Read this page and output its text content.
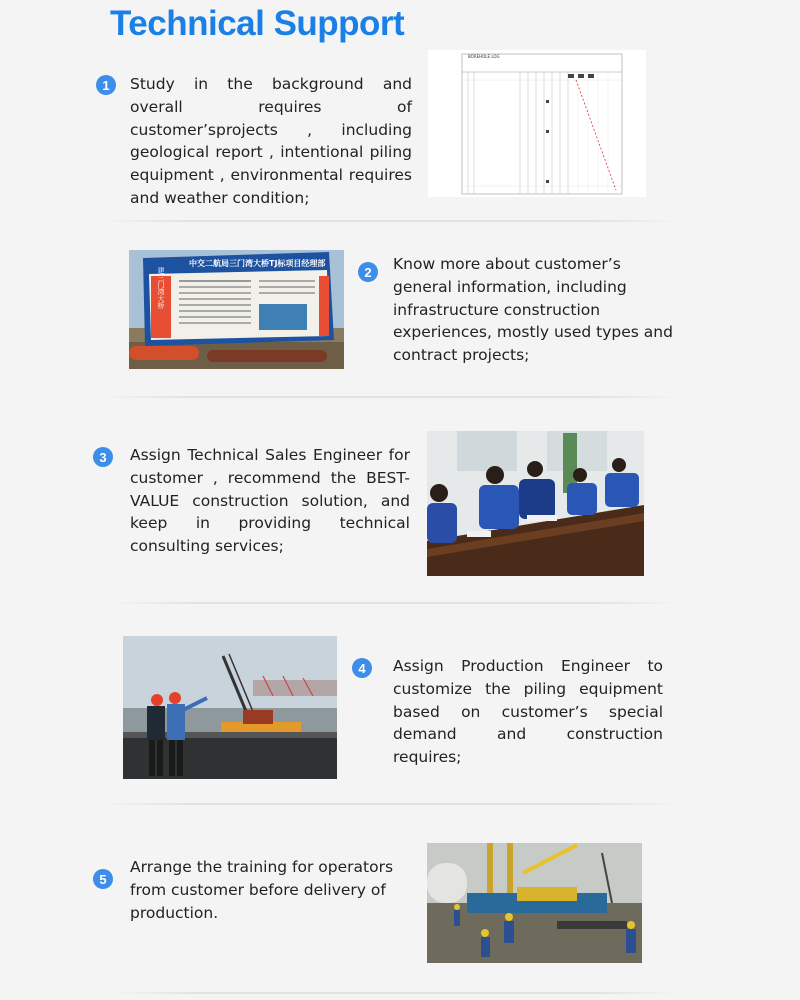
Technical Support
1	Study in the background and overall requires of customer’sprojects , including geological report , intentional piling equipment , environmental requires and weather condition;
BOREHOLE LOG
中交二航局三门湾大桥TJ标项目经理部
建三门湾大桥	2	Know more about customer’s general information, including infrastructure construction experiences, mostly used types and contract projects;
3	Assign Technical Sales Engineer for customer , recommend the BEST-VALUE construction solution, and keep in providing technical consulting services;
4	Assign Production Engineer to customize the piling equipment based on customer’s special demand and construction requires;
5
Arrange the training for operators from customer before delivery of production.
